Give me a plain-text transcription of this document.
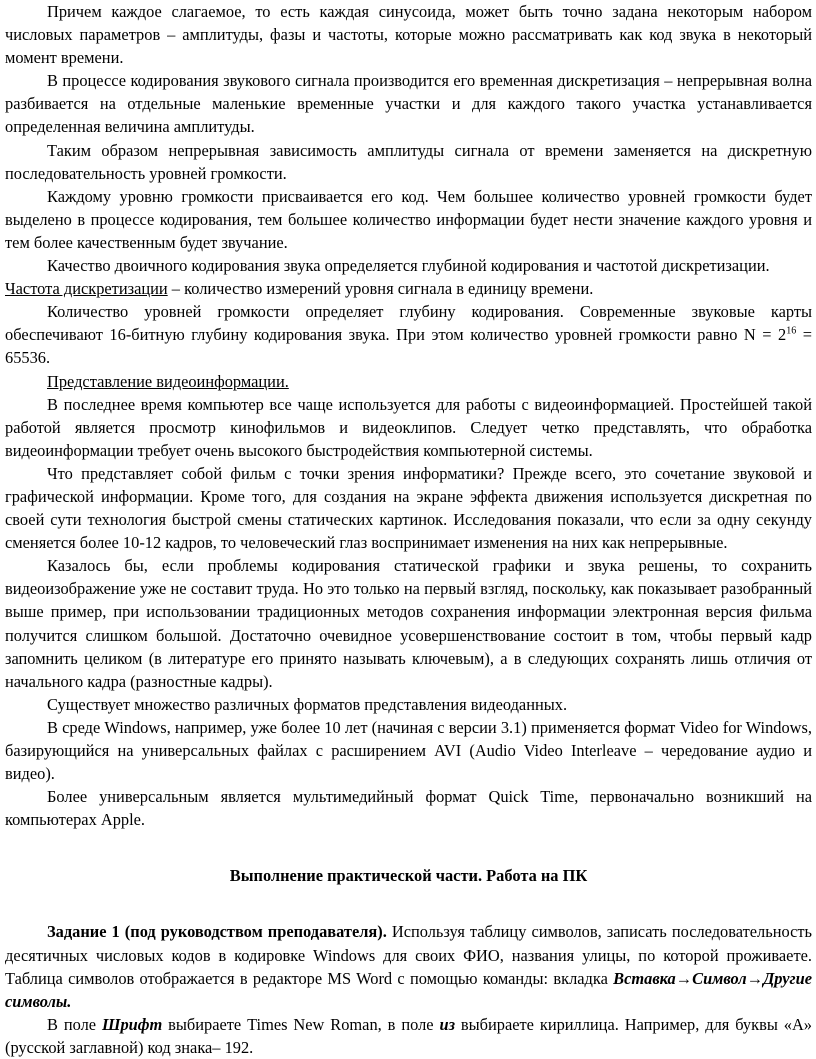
Причем каждое слагаемое, то есть каждая синусоида, может быть точно задана некоторым набором числовых параметров – амплитуды, фазы и частоты, которые можно рассматривать как код звука в некоторый момент времени.

В процессе кодирования звукового сигнала производится его временная дискретизация – непрерывная волна разбивается на отдельные маленькие временные участки и для каждого такого участка устанавливается определенная величина амплитуды.

Таким образом непрерывная зависимость амплитуды сигнала от времени заменяется на дискретную последовательность уровней громкости.

Каждому уровню громкости присваивается его код. Чем большее количество уровней громкости будет выделено в процессе кодирования, тем большее количество информации будет нести значение каждого уровня и тем более качественным будет звучание.

Качество двоичного кодирования звука определяется глубиной кодирования и частотой дискретизации.

Частота дискретизации – количество измерений уровня сигнала в единицу времени.

Количество уровней громкости определяет глубину кодирования. Современные звуковые карты обеспечивают 16-битную глубину кодирования звука. При этом количество уровней громкости равно $N = 2^{16} = 65536$.

Представление видеоинформации.

В последнее время компьютер все чаще используется для работы с видеоинформацией. Простейшей такой работой является просмотр кинофильмов и видеоклипов. Следует четко представлять, что обработка видеоинформации требует очень высокого быстродействия компьютерной системы.

Что представляет собой фильм с точки зрения информатики? Прежде всего, это сочетание звуковой и графической информации. Кроме того, для создания на экране эффекта движения используется дискретная по своей сути технология быстрой смены статических картинок. Исследования показали, что если за одну секунду сменяется более 10-12 кадров, то человеческий глаз воспринимает изменения на них как непрерывные.

Казалось бы, если проблемы кодирования статической графики и звука решены, то сохранить видеоизображение уже не составит труда. Но это только на первый взгляд, поскольку, как показывает разобранный выше пример, при использовании традиционных методов сохранения информации электронная версия фильма получится слишком большой. Достаточно очевидное усовершенствование состоит в том, чтобы первый кадр запомнить целиком (в литературе его принято называть ключевым), а в следующих сохранять лишь отличия от начального кадра (разностные кадры).

Существует множество различных форматов представления видеоданных.

В среде Windows, например, уже более 10 лет (начиная с версии 3.1) применяется формат Video for Windows, базирующийся на универсальных файлах с расширением AVI (Audio Video Interleave – чередование аудио и видео).

Более универсальным является мультимедийный формат Quick Time, первоначально возникший на компьютерах Apple.

Выполнение практической части. Работа на ПК

Задание 1 (под руководством преподавателя). Используя таблицу символов, записать последовательность десятичных числовых кодов в кодировке Windows для своих ФИО, названия улицы, по которой проживаете. Таблица символов отображается в редакторе MS Word с помощью команды: вкладка Вставка→Символ→Другие символы.

В поле Шрифт выбираете Times New Roman, в поле из выбираете кириллица. Например, для буквы «А» (русской заглавной) код знака– 192.
